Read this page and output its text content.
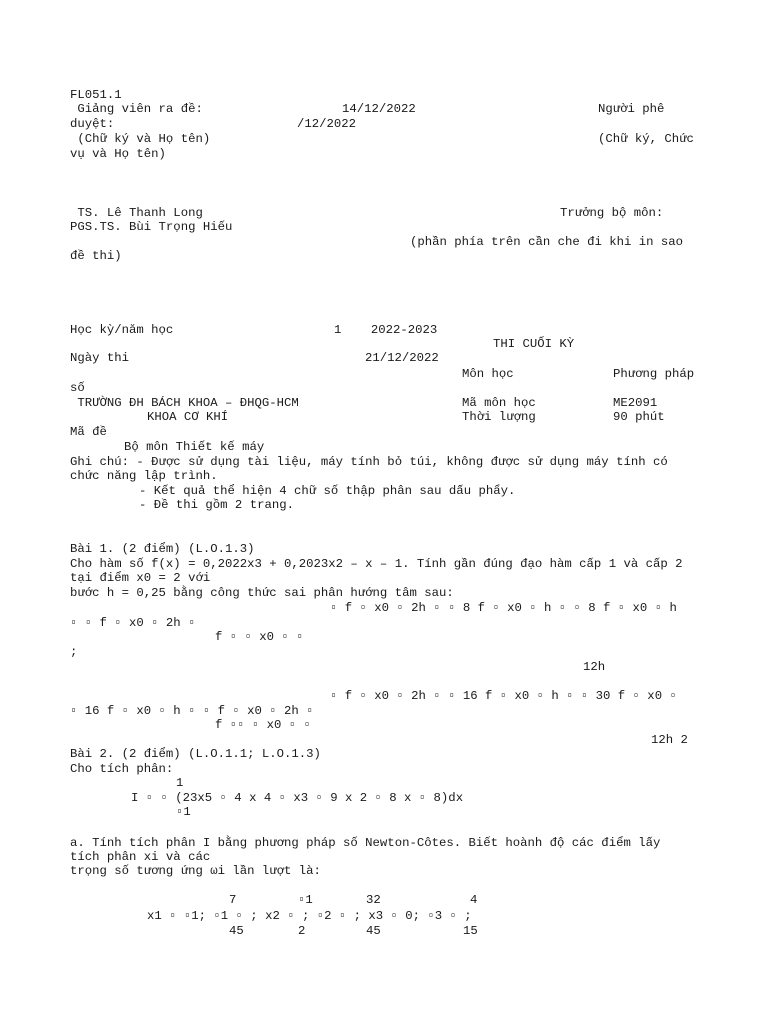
FL051.1
Giảng viên ra đề:	14/12/2022	Người phê
duyệt:	/12/2022
(Chữ ký và Họ tên)	(Chữ ký, Chức
vụ và Họ tên)
TS. Lê Thanh Long	Trưởng bộ môn:
PGS.TS. Bùi Trọng Hiếu
(phần phía trên cần che đi khi in sao
đề thi)
Học kỳ/năm học	1    2022-2023
THI CUỐI KỲ
Ngày thi	21/12/2022
Môn học	Phương pháp
số
TRƯỜNG ĐH BÁCH KHOA – ĐHQG-HCM	Mã môn học	ME2091
KHOA CƠ KHÍ	Thời lượng	90 phút
Mã đề
Bộ môn Thiết kế máy
Ghi chú: - Được sử dụng tài liệu, máy tính bỏ túi, không được sử dụng máy tính có
chức năng lập trình.
- Kết quả thể hiện 4 chữ số thập phân sau dấu phẩy.
- Đề thi gồm 2 trang.
Bài 1. (2 điểm) (L.O.1.3)
Cho hàm số f(x) = 0,2022x3 + 0,2023x2 – x – 1. Tính gần đúng đạo hàm cấp 1 và cấp 2
tại điểm x0 = 2 với
bước h = 0,25 bằng công thức sai phân hướng tâm sau:
▫ f ▫ x0 ▫ 2h ▫ ▫ 8 f ▫ x0 ▫ h ▫ ▫ 8 f ▫ x0 ▫ h
▫ ▫ f ▫ x0 ▫ 2h ▫
f ▫ ▫ x0 ▫ ▫
;
12h
▫ f ▫ x0 ▫ 2h ▫ ▫ 16 f ▫ x0 ▫ h ▫ ▫ 30 f ▫ x0 ▫
▫ 16 f ▫ x0 ▫ h ▫ ▫ f ▫ x0 ▫ 2h ▫
f ▫▫ ▫ x0 ▫ ▫
12h 2
Bài 2. (2 điểm) (L.O.1.1; L.O.1.3)
Cho tích phân:
1
I ▫ ▫ (23x5 ▫ 4 x 4 ▫ x3 ▫ 9 x 2 ▫ 8 x ▫ 8)dx
▫1
a. Tính tích phân I bằng phương pháp số Newton-Côtes. Biết hoành độ các điểm lấy
tích phân xi và các
trọng số tương ứng ωi lần lượt là:
7	▫1	32	4
x1 ▫ ▫1; ▫1 ▫ ; x2 ▫ ; ▫2 ▫ ; x3 ▫ 0; ▫3 ▫ ;
45	2	45	15
